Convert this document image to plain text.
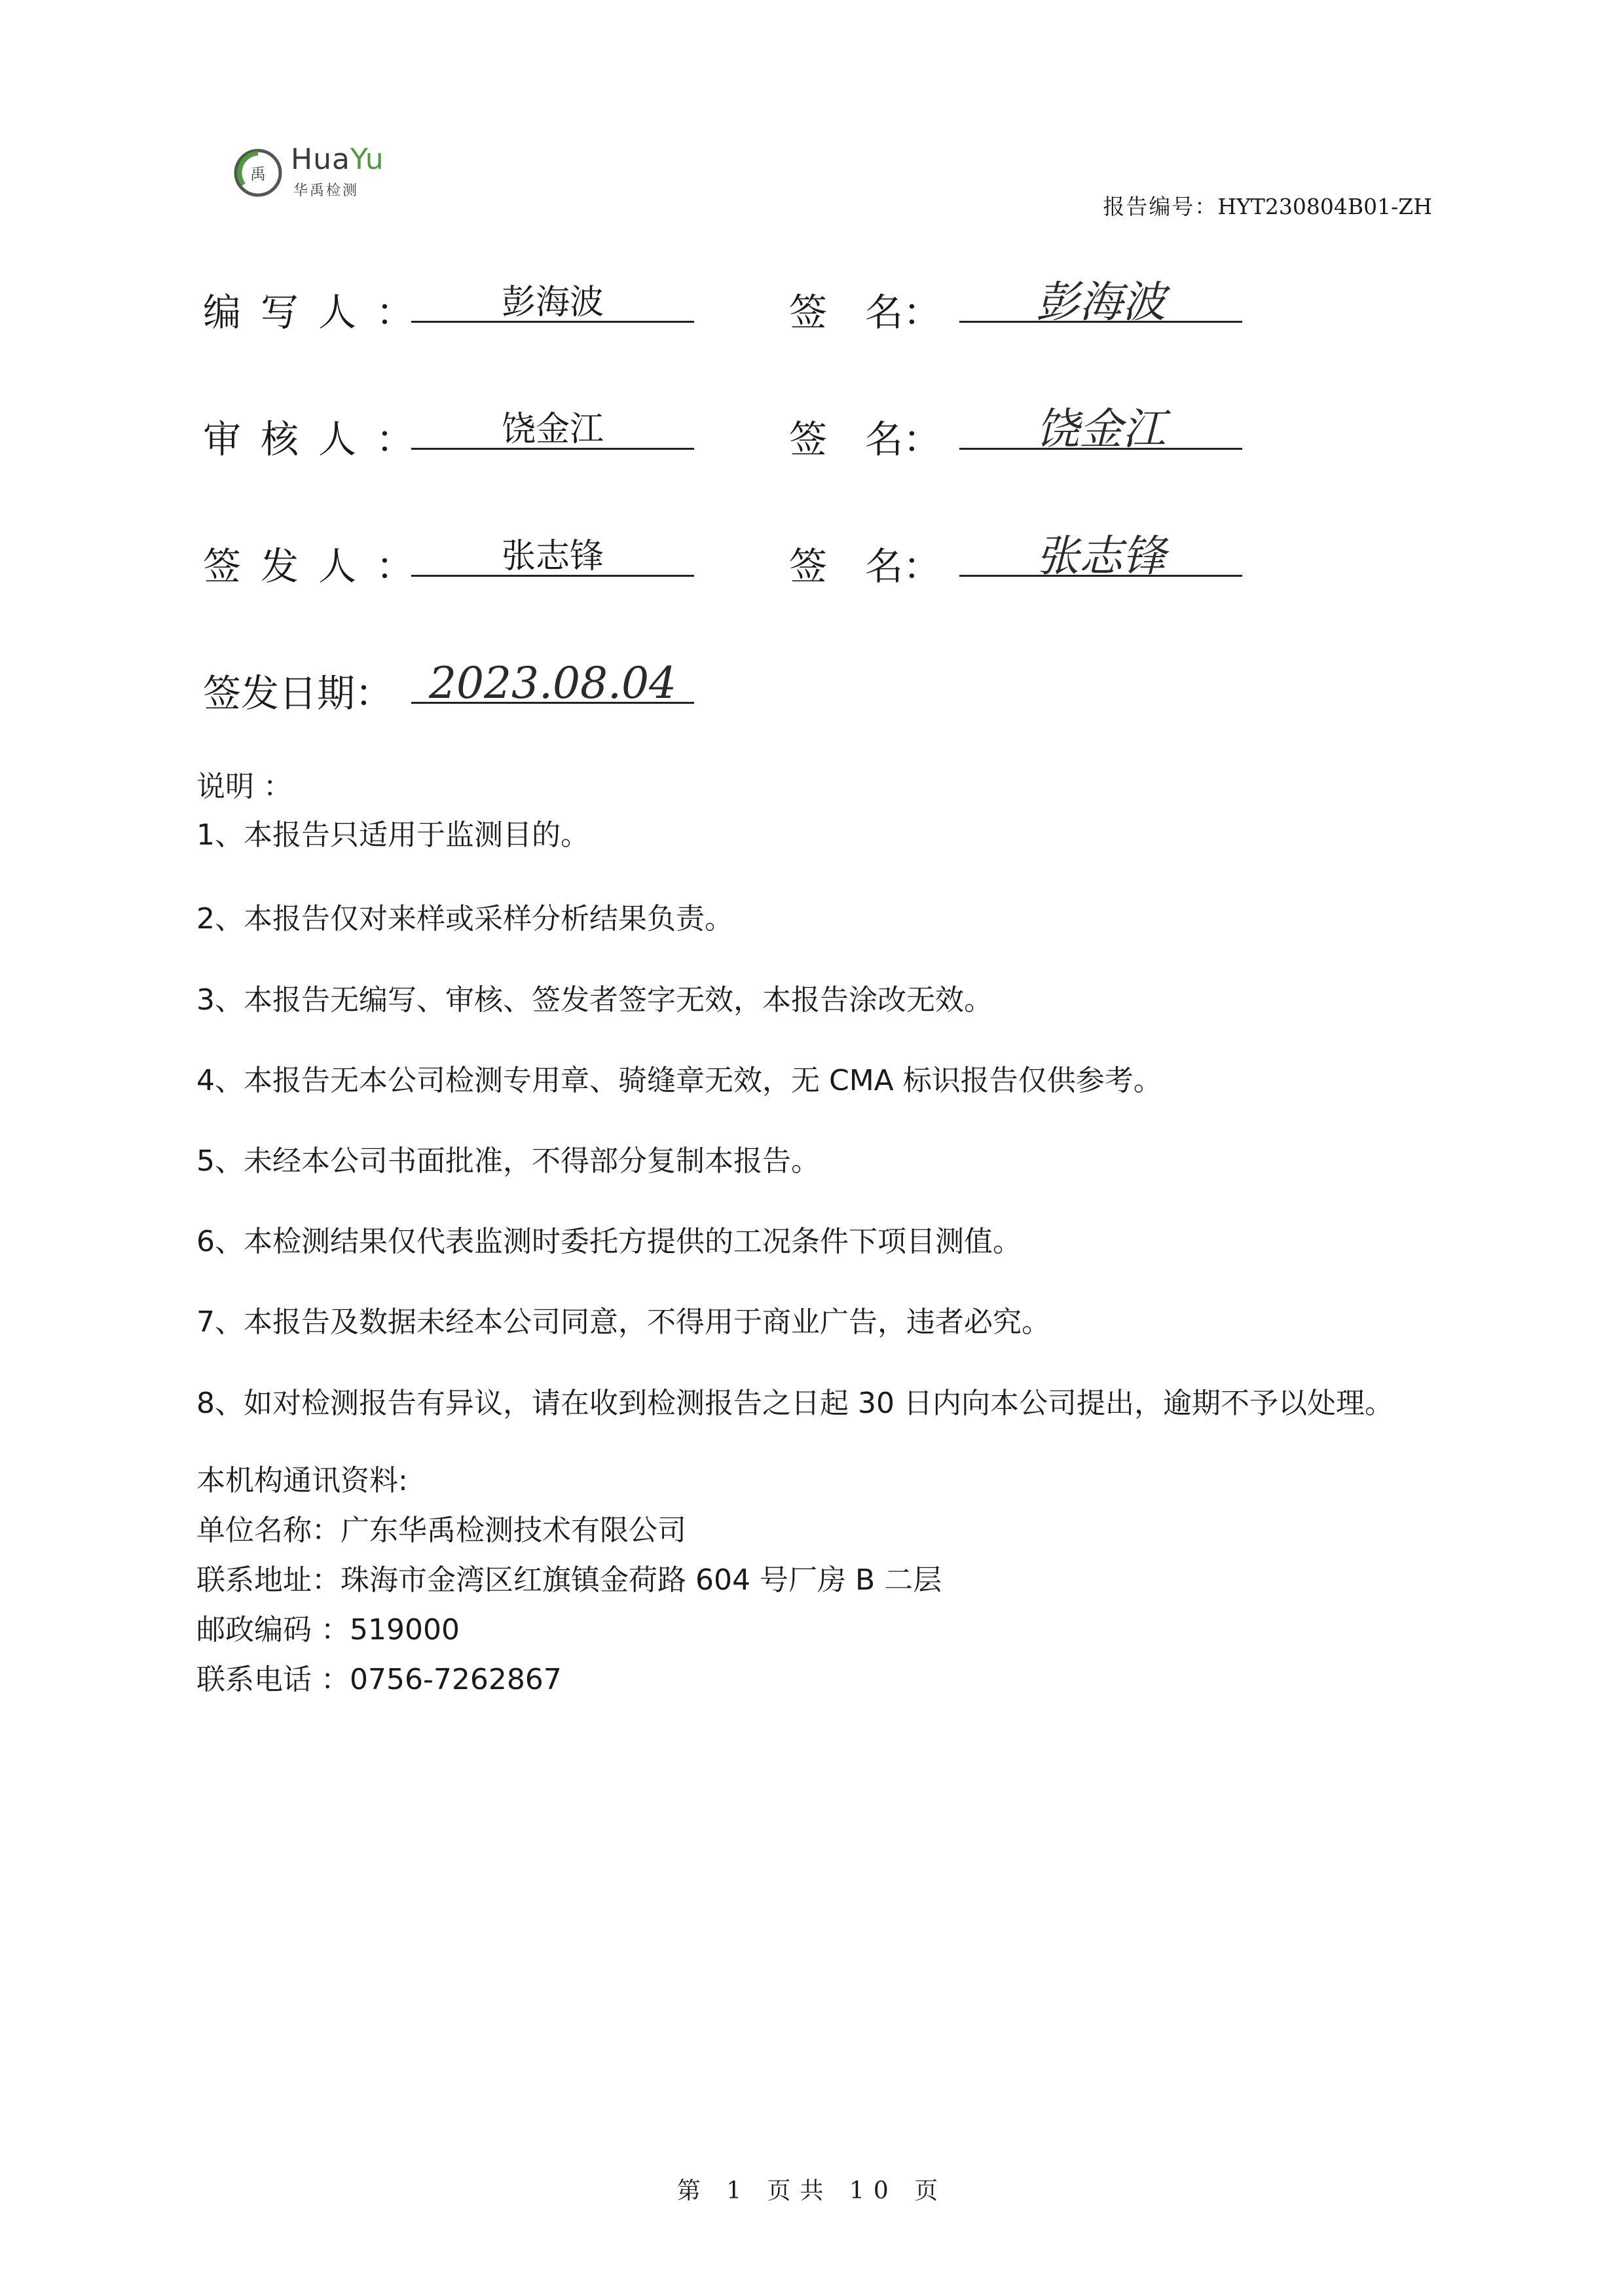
禹 HuaYu
华禹检测
报告编号：HYT230804B01-ZH
编写人：	彭海波	签　名：	彭海波
审核人：	饶金江	签　名：	饶金江
签发人：	张志锋	签　名：	张志锋
签发日期： 2023.08.04
说明 ：
1、本报告只适用于监测目的。
2、本报告仅对来样或采样分析结果负责。
3、本报告无编写、审核、签发者签字无效，本报告涂改无效。
4、本报告无本公司检测专用章、骑缝章无效，无 CMA 标识报告仅供参考。
5、未经本公司书面批准，不得部分复制本报告。
6、本检测结果仅代表监测时委托方提供的工况条件下项目测值。
7、本报告及数据未经本公司同意，不得用于商业广告，违者必究。
8、如对检测报告有异议，请在收到检测报告之日起 30 日内向本公司提出，逾期不予以处理。
本机构通讯资料:
单位名称：广东华禹检测技术有限公司
联系地址：珠海市金湾区红旗镇金荷路 604 号厂房 B 二层
邮政编码 ：519000
联系电话 ：0756-7262867
第 1 页共 10 页
